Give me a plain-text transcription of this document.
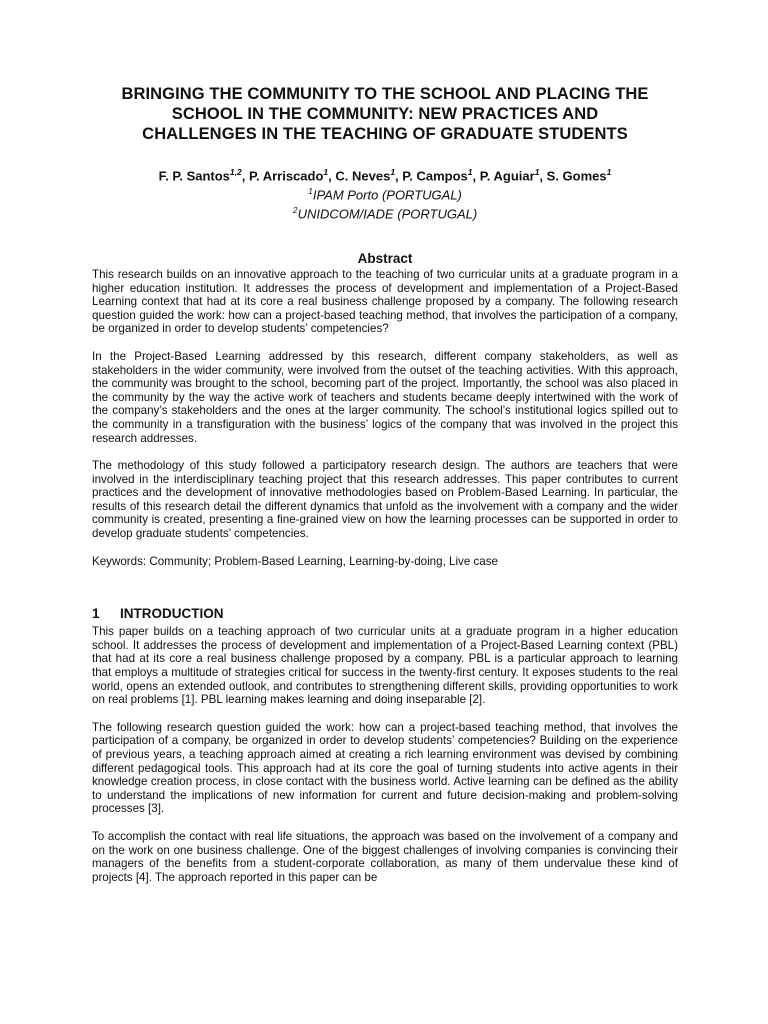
BRINGING THE COMMUNITY TO THE SCHOOL AND PLACING THE
SCHOOL IN THE COMMUNITY: NEW PRACTICES AND
CHALLENGES IN THE TEACHING OF GRADUATE STUDENTS
F. P. Santos$^{1,2}$, P. Arriscado$^1$, C. Neves$^1$, P. Campos$^1$, P. Aguiar$^1$, S. Gomes$^1$
$^1$IPAM Porto (PORTUGAL)
$^2$UNIDCOM/IADE (PORTUGAL)
Abstract

This research builds on an innovative approach to the teaching of two curricular units at a graduate program in a higher education institution. It addresses the process of development and implementation of a Project-Based Learning context that had at its core a real business challenge proposed by a company. The following research question guided the work: how can a project-based teaching method, that involves the participation of a company, be organized in order to develop students’ competencies?

In the Project-Based Learning addressed by this research, different company stakeholders, as well as stakeholders in the wider community, were involved from the outset of the teaching activities. With this approach, the community was brought to the school, becoming part of the project. Importantly, the school was also placed in the community by the way the active work of teachers and students became deeply intertwined with the work of the company’s stakeholders and the ones at the larger community. The school’s institutional logics spilled out to the community in a transfiguration with the business’ logics of the company that was involved in the project this research addresses.

The methodology of this study followed a participatory research design. The authors are teachers that were involved in the interdisciplinary teaching project that this research addresses. This paper contributes to current practices and the development of innovative methodologies based on Problem-Based Learning. In particular, the results of this research detail the different dynamics that unfold as the involvement with a company and the wider community is created, presenting a fine-grained view on how the learning processes can be supported in order to develop graduate students’ competencies.

Keywords: Community; Problem-Based Learning, Learning-by-doing, Live case

1 INTRODUCTION

This paper builds on a teaching approach of two curricular units at a graduate program in a higher education school. It addresses the process of development and implementation of a Project-Based Learning context (PBL) that had at its core a real business challenge proposed by a company. PBL is a particular approach to learning that employs a multitude of strategies critical for success in the twenty-first century. It exposes students to the real world, opens an extended outlook, and contributes to strengthening different skills, providing opportunities to work on real problems [1]. PBL learning makes learning and doing inseparable [2].

The following research question guided the work: how can a project-based teaching method, that involves the participation of a company, be organized in order to develop students’ competencies? Building on the experience of previous years, a teaching approach aimed at creating a rich learning environment was devised by combining different pedagogical tools. This approach had at its core the goal of turning students into active agents in their knowledge creation process, in close contact with the business world. Active learning can be defined as the ability to understand the implications of new information for current and future decision-making and problem-solving processes [3].

To accomplish the contact with real life situations, the approach was based on the involvement of a company and on the work on one business challenge. One of the biggest challenges of involving companies is convincing their managers of the benefits from a student-corporate collaboration, as many of them undervalue these kind of projects [4]. The approach reported in this paper can be
